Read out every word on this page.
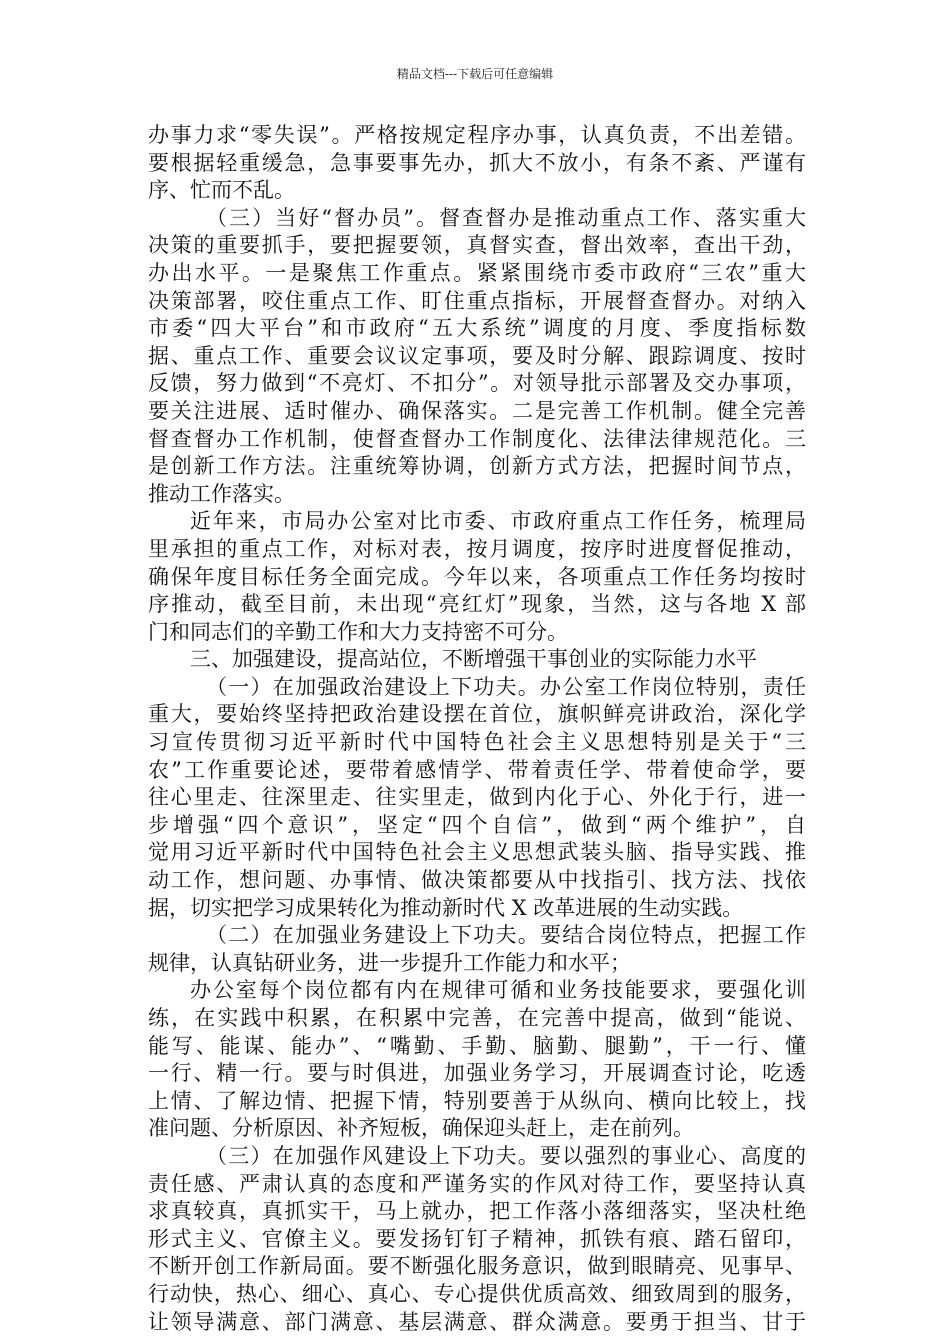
精品文档---下载后可任意编辑
办事力求“零失误”。严格按规定程序办事，认真负责，不出差错。
要根据轻重缓急，急事要事先办，抓大不放小，有条不紊、严谨有
序、忙而不乱。
（三）当好“督办员”。督查督办是推动重点工作、落实重大
决策的重要抓手，要把握要领，真督实查，督出效率，查出干劲，
办出水平。一是聚焦工作重点。紧紧围绕市委市政府“三农”重大
决策部署，咬住重点工作、盯住重点指标，开展督查督办。对纳入
市委“四大平台”和市政府“五大系统”调度的月度、季度指标数
据、重点工作、重要会议议定事项，要及时分解、跟踪调度、按时
反馈，努力做到“不亮灯、不扣分”。对领导批示部署及交办事项，
要关注进展、适时催办、确保落实。二是完善工作机制。健全完善
督查督办工作机制，使督查督办工作制度化、法律法律规范化。三
是创新工作方法。注重统筹协调，创新方式方法，把握时间节点，
推动工作落实。
近年来，市局办公室对比市委、市政府重点工作任务，梳理局
里承担的重点工作，对标对表，按月调度，按序时进度督促推动，
确保年度目标任务全面完成。今年以来，各项重点工作任务均按时
序推动，截至目前，未出现“亮红灯”现象，当然，这与各地 X 部
门和同志们的辛勤工作和大力支持密不可分。
三、加强建设，提高站位，不断增强干事创业的实际能力水平
（一）在加强政治建设上下功夫。办公室工作岗位特别，责任
重大，要始终坚持把政治建设摆在首位，旗帜鲜亮讲政治，深化学
习宣传贯彻习近平新时代中国特色社会主义思想特别是关于“三
农”工作重要论述，要带着感情学、带着责任学、带着使命学，要
往心里走、往深里走、往实里走，做到内化于心、外化于行，进一
步增强“四个意识”，坚定“四个自信”，做到“两个维护”，自
觉用习近平新时代中国特色社会主义思想武装头脑、指导实践、推
动工作，想问题、办事情、做决策都要从中找指引、找方法、找依
据，切实把学习成果转化为推动新时代 X 改革进展的生动实践。
（二）在加强业务建设上下功夫。要结合岗位特点，把握工作
规律，认真钻研业务，进一步提升工作能力和水平；
办公室每个岗位都有内在规律可循和业务技能要求，要强化训
练，在实践中积累，在积累中完善，在完善中提高，做到“能说、
能写、能谋、能办”、“嘴勤、手勤、脑勤、腿勤”，干一行、懂
一行、精一行。要与时俱进，加强业务学习，开展调查讨论，吃透
上情、了解边情、把握下情，特别要善于从纵向、横向比较上，找
准问题、分析原因、补齐短板，确保迎头赶上，走在前列。
（三）在加强作风建设上下功夫。要以强烈的事业心、高度的
责任感、严肃认真的态度和严谨务实的作风对待工作，要坚持认真
求真较真，真抓实干，马上就办，把工作落小落细落实，坚决杜绝
形式主义、官僚主义。要发扬钉钉子精神，抓铁有痕、踏石留印，
不断开创工作新局面。要不断强化服务意识，做到眼睛亮、见事早、
行动快，热心、细心、真心、专心提供优质高效、细致周到的服务，
让领导满意、部门满意、基层满意、群众满意。要勇于担当、甘于
